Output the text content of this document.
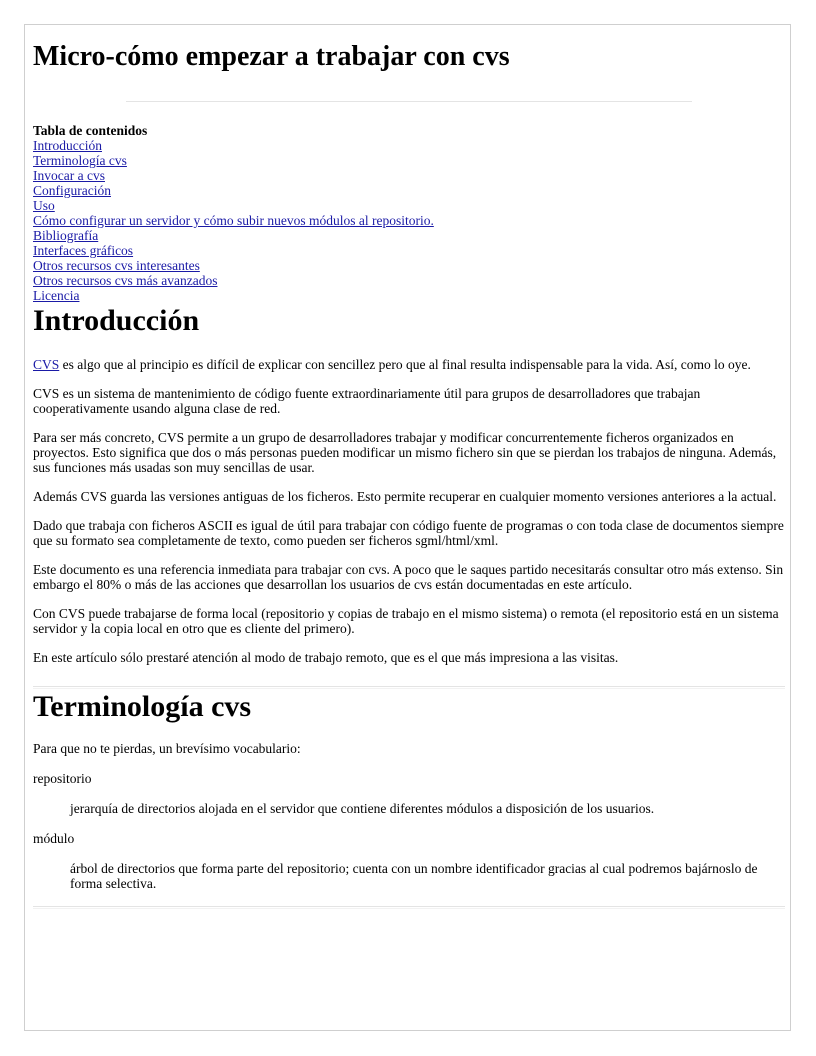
Micro-cómo empezar a trabajar con cvs
Tabla de contenidos
Introducción
Terminología cvs
Invocar a cvs
Configuración
Uso
Cómo configurar un servidor y cómo subir nuevos módulos al repositorio.
Bibliografía
Interfaces gráficos
Otros recursos cvs interesantes
Otros recursos cvs más avanzados
Licencia
Introducción

CVS es algo que al principio es difícil de explicar con sencillez pero que al final resulta indispensable para la vida. Así, como lo oye.

CVS es un sistema de mantenimiento de código fuente extraordinariamente útil para grupos de desarrolladores que trabajan cooperativamente usando alguna clase de red.

Para ser más concreto, CVS permite a un grupo de desarrolladores trabajar y modificar concurrentemente ficheros organizados en proyectos. Esto significa que dos o más personas pueden modificar un mismo fichero sin que se pierdan los trabajos de ninguna. Además, sus funciones más usadas son muy sencillas de usar.

Además CVS guarda las versiones antiguas de los ficheros. Esto permite recuperar en cualquier momento versiones anteriores a la actual.

Dado que trabaja con ficheros ASCII es igual de útil para trabajar con código fuente de programas o con toda clase de documentos siempre que su formato sea completamente de texto, como pueden ser ficheros sgml/html/xml.

Este documento es una referencia inmediata para trabajar con cvs. A poco que le saques partido necesitarás consultar otro más extenso. Sin embargo el 80% o más de las acciones que desarrollan los usuarios de cvs están documentadas en este artículo.

Con CVS puede trabajarse de forma local (repositorio y copias de trabajo en el mismo sistema) o remota (el repositorio está en un sistema servidor y la copia local en otro que es cliente del primero).

En este artículo sólo prestaré atención al modo de trabajo remoto, que es el que más impresiona a las visitas.

Terminología cvs

Para que no te pierdas, un brevísimo vocabulario:

repositorio

jerarquía de directorios alojada en el servidor que contiene diferentes módulos a disposición de los usuarios.

módulo

árbol de directorios que forma parte del repositorio; cuenta con un nombre identificador gracias al cual podremos bajárnoslo de forma selectiva.
